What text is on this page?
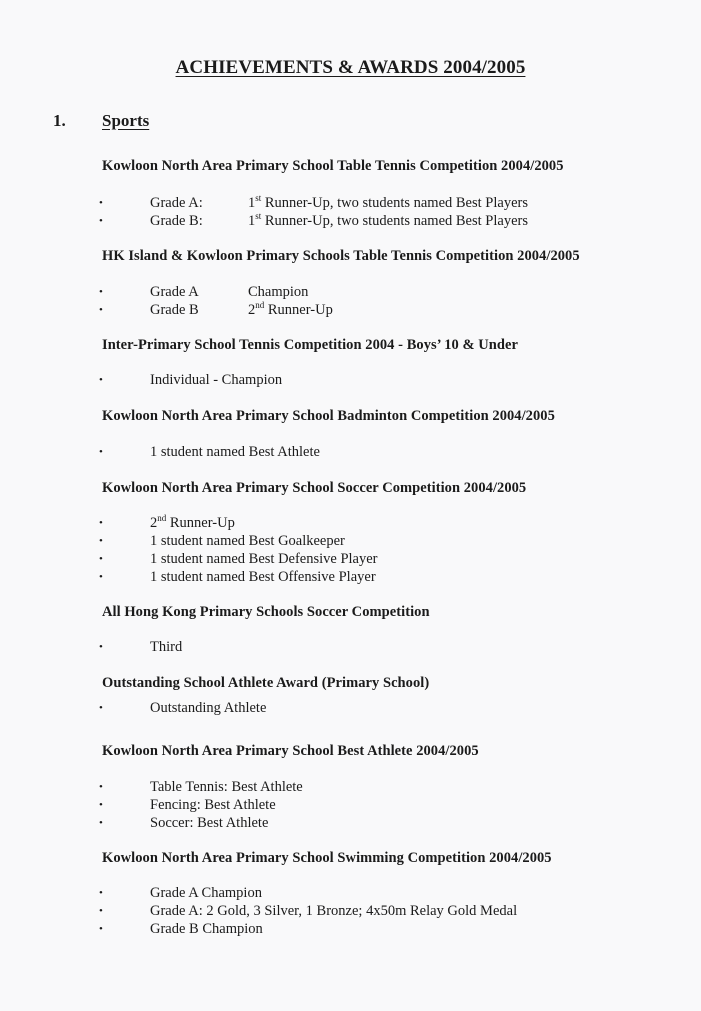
ACHIEVEMENTS & AWARDS 2004/2005
1. Sports
Kowloon North Area Primary School Table Tennis Competition 2004/2005
•	Grade A:	1st Runner-Up, two students named Best Players
•	Grade B:	1st Runner-Up, two students named Best Players
HK Island & Kowloon Primary Schools Table Tennis Competition 2004/2005
•	Grade A	Champion
•	Grade B	2nd Runner-Up
Inter-Primary School Tennis Competition 2004 - Boys’ 10 & Under
•	Individual - Champion
Kowloon North Area Primary School Badminton Competition 2004/2005
•	1 student named Best Athlete
Kowloon North Area Primary School Soccer Competition 2004/2005
•	2nd Runner-Up
•	1 student named Best Goalkeeper
•	1 student named Best Defensive Player
•	1 student named Best Offensive Player
All Hong Kong Primary Schools Soccer Competition
•	Third
Outstanding School Athlete Award (Primary School)
•	Outstanding Athlete
Kowloon North Area Primary School Best Athlete 2004/2005
•	Table Tennis: Best Athlete
•	Fencing: Best Athlete
•	Soccer: Best Athlete
Kowloon North Area Primary School Swimming Competition 2004/2005
•	Grade A Champion
•	Grade A: 2 Gold, 3 Silver, 1 Bronze; 4x50m Relay Gold Medal
•	Grade B Champion
